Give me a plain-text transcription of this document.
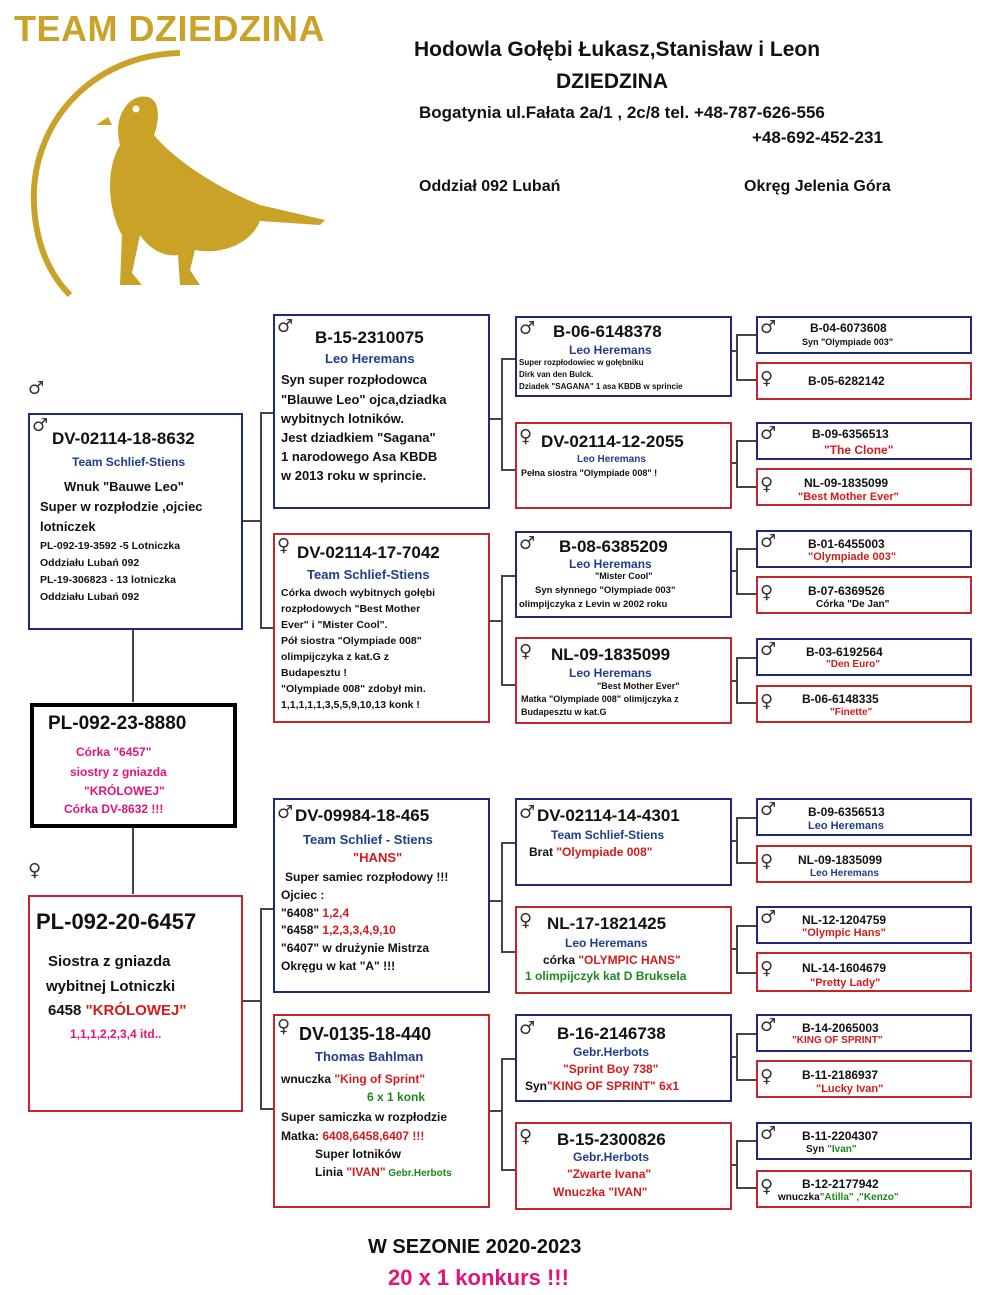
TEAM DZIEDZINA
Hodowla Gołębi Łukasz,Stanisław i Leon
DZIEDZINA
Bogatynia ul.Fałata 2a/1 , 2c/8 tel. +48-787-626-556
+48-692-452-231
Oddział 092 Lubań	Okręg Jelenia Góra
♂
♂
DV-02114-18-8632
Team Schlief-Stiens
Wnuk "Bauwe Leo"
Super w rozpłodzie ,ojciec
lotniczek
PL-092-19-3592 -5 Lotniczka
Oddziału Lubań 092
PL-19-306823 - 13 lotniczka
Oddziału Lubań 092
PL-092-23-8880
Córka "6457"
siostry z gniazda
"KRÓLOWEJ"
Córka DV-8632 !!!
♀
PL-092-20-6457
Siostra z gniazda
wybitnej Lotniczki
6458 "KRÓLOWEJ"
1,1,1,2,2,3,4 itd..
♂
B-15-2310075
Leo Heremans
Syn super rozpłodowca
"Blauwe Leo" ojca,dziadka
wybitnych lotników.
Jest dziadkiem "Sagana"
1 narodowego Asa KBDB
w 2013 roku w sprincie.
♀ DV-02114-17-7042
Team Schlief-Stiens
Córka dwoch wybitnych gołębi
rozpłodowych "Best Mother
Ever" i "Mister Cool".
Pół siostra "Olympiade 008"
olimpijczyka z kat.G z
Budapesztu !
"Olympiade 008" zdobył min.
1,1,1,1,1,3,5,5,9,10,13 konk !
♂ DV-09984-18-465
Team Schlief - Stiens
"HANS"
Super samiec rozpłodowy !!!
Ojciec :
"6408" 1,2,4
"6458" 1,2,3,3,4,9,10
"6407" w drużynie Mistrza
Okręgu w kat "A" !!!
♀ DV-0135-18-440
Thomas Bahlman
wnuczka "King of Sprint"
6 x 1 konk
Super samiczka w rozpłodzie
Matka: 6408,6458,6407 !!!
Super lotników
Linia "IVAN" Gebr.Herbots
♂ B-06-6148378
Leo Heremans
Super rozpłodowiec w gołębniku
Dirk van den Bulck.
Dziadek "SAGANA" 1 asa KBDB w sprincie
♀ DV-02114-12-2055
Leo Heremans
Pełna siostra "Olympiade 008" !
♂ B-08-6385209
Leo Heremans
"Mister Cool"
Syn słynnego "Olympiade 003"
olimpijczyka z Levin w 2002 roku
♀ NL-09-1835099
Leo Heremans
"Best Mother Ever"
Matka "Olympiade 008" olimijczyka z
Budapesztu w kat.G
♂ DV-02114-14-4301
Team Schlief-Stiens
Brat "Olympiade 008"
♀ NL-17-1821425
Leo Heremans
córka "OLYMPIC HANS"
1 olimpijczyk kat D Bruksela
♂ B-16-2146738
Gebr.Herbots
"Sprint Boy 738"
Syn"KING OF SPRINT" 6x1
♀ B-15-2300826
Gebr.Herbots
"Zwarte Ivana"
Wnuczka "IVAN"
♂	B-04-6073608
Syn "Olympiade 003"
♀	B-05-6282142
♂	B-09-6356513
"The Clone"
♀	NL-09-1835099
"Best Mother Ever"
♂	B-01-6455003
"Olympiade 003"
♀	B-07-6369526
Córka "De Jan"
♂ B-03-6192564
"Den Euro"
♀ B-06-6148335
"Finette"
♂	B-09-6356513
Leo Heremans
♀ NL-09-1835099
Leo Heremans
♂ NL-12-1204759
"Olympic Hans"
♀ NL-14-1604679
"Pretty Lady"
♂ B-14-2065003
"KING OF SPRINT"
♀ B-11-2186937
"Lucky Ivan"
♂ B-11-2204307
Syn "Ivan"
♀ B-12-2177942
wnuczka"Atilla" ,"Kenzo"
W SEZONIE 2020-2023
20 x 1 konkurs !!!
